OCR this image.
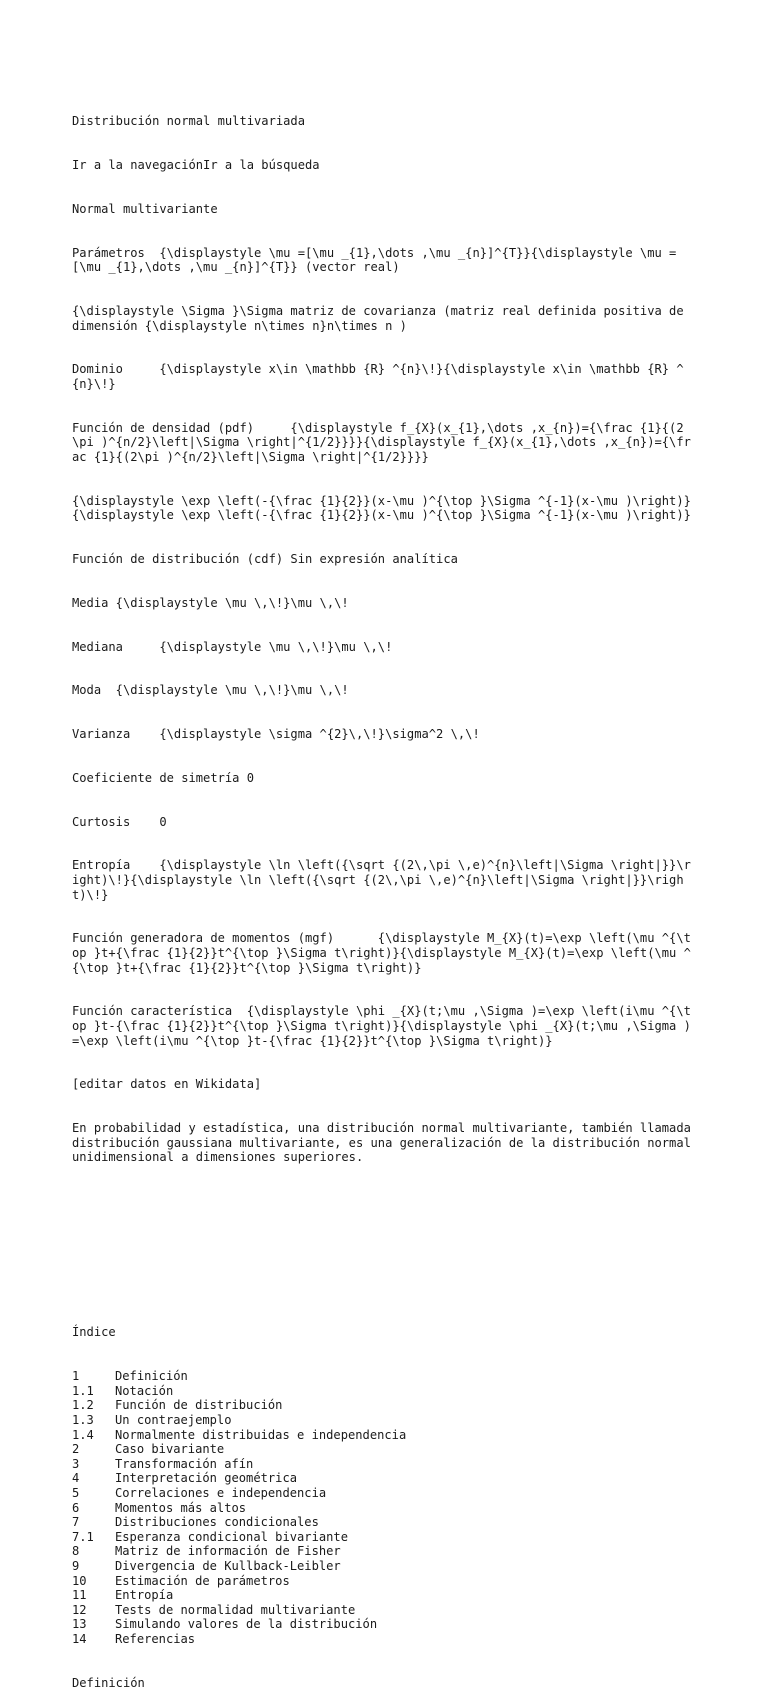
Distribución normal multivariada

Ir a la navegaciónIr a la búsqueda

Normal multivariante

Parámetros  {\displaystyle \mu =[\mu _{1},\dots ,\mu _{n}]^{T}}{\displaystyle \mu =[\mu _{1},\dots ,\mu _{n}]^{T}} (vector real)

{\displaystyle \Sigma }\Sigma matriz de covarianza (matriz real definida positiva de dimensión {\displaystyle n\times n}n\times n )

Dominio     {\displaystyle x\in \mathbb {R} ^{n}\!}{\displaystyle x\in \mathbb {R} ^{n}\!}

Función de densidad (pdf)     {\displaystyle f_{X}(x_{1},\dots ,x_{n})={\frac {1}{(2\pi )^{n/2}\left|\Sigma \right|^{1/2}}}}{\displaystyle f_{X}(x_{1},\dots ,x_{n})={\frac {1}{(2\pi )^{n/2}\left|\Sigma \right|^{1/2}}}}

{\displaystyle \exp \left(-{\frac {1}{2}}(x-\mu )^{\top }\Sigma ^{-1}(x-\mu )\right)}{\displaystyle \exp \left(-{\frac {1}{2}}(x-\mu )^{\top }\Sigma ^{-1}(x-\mu )\right)}

Función de distribución (cdf) Sin expresión analítica

Media {\displaystyle \mu \,\!}\mu \,\!

Mediana     {\displaystyle \mu \,\!}\mu \,\!

Moda  {\displaystyle \mu \,\!}\mu \,\!

Varianza    {\displaystyle \sigma ^{2}\,\!}\sigma^2 \,\!

Coeficiente de simetría 0

Curtosis    0

Entropía    {\displaystyle \ln \left({\sqrt {(2\,\pi \,e)^{n}\left|\Sigma \right|}}\right)\!}{\displaystyle \ln \left({\sqrt {(2\,\pi \,e)^{n}\left|\Sigma \right|}}\right)\!}

Función generadora de momentos (mgf)      {\displaystyle M_{X}(t)=\exp \left(\mu ^{\top }t+{\frac {1}{2}}t^{\top }\Sigma t\right)}{\displaystyle M_{X}(t)=\exp \left(\mu ^{\top }t+{\frac {1}{2}}t^{\top }\Sigma t\right)}

Función característica  {\displaystyle \phi _{X}(t;\mu ,\Sigma )=\exp \left(i\mu ^{\top }t-{\frac {1}{2}}t^{\top }\Sigma t\right)}{\displaystyle \phi _{X}(t;\mu ,\Sigma )=\exp \left(i\mu ^{\top }t-{\frac {1}{2}}t^{\top }\Sigma t\right)}

[editar datos en Wikidata]

En probabilidad y estadística, una distribución normal multivariante, también llamada distribución gaussiana multivariante, es una generalización de la distribución normal unidimensional a dimensiones superiores.

Índice

1	Definición
1.1 Notación
1.2 Función de distribución
1.3 Un contraejemplo
1.4 Normalmente distribuidas e independencia
2	Caso bivariante
3	Transformación afín
4	Interpretación geométrica
5	Correlaciones e independencia
6	Momentos más altos
7	Distribuciones condicionales
7.1 Esperanza condicional bivariante
8	Matriz de información de Fisher
9	Divergencia de Kullback-Leibler
10 Estimación de parámetros
11 Entropía
12 Tests de normalidad multivariante
13 Simulando valores de la distribución
14 Referencias

Definición
